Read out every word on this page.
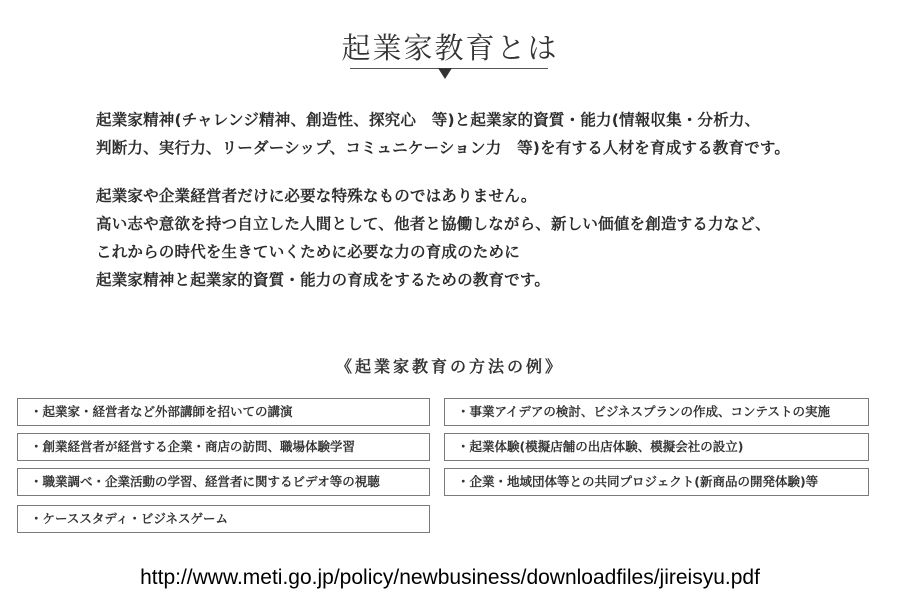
起業家教育とは

起業家精神(チャレンジ精神、創造性、探究心　等)と起業家的資質・能力(情報収集・分析力、

判断力、実行力、リーダーシップ、コミュニケーション力　等)を有する人材を育成する教育です。

起業家や企業経営者だけに必要な特殊なものではありません。

高い志や意欲を持つ自立した人間として、他者と協働しながら、新しい価値を創造する力など、

これからの時代を生きていくために必要な力の育成のために

起業家精神と起業家的資質・能力の育成をするための教育です。

《起業家教育の方法の例》
・起業家・経営者など外部講師を招いての講演
・創業経営者が経営する企業・商店の訪問、職場体験学習
・職業調べ・企業活動の学習、経営者に関するビデオ等の視聴
・ケーススタディ・ビジネスゲーム
・事業アイデアの検討、ビジネスプランの作成、コンテストの実施
・起業体験(模擬店舗の出店体験、模擬会社の設立)
・企業・地域団体等との共同プロジェクト(新商品の開発体験)等
http://www.meti.go.jp/policy/newbusiness/downloadfiles/jireisyu.pdf
